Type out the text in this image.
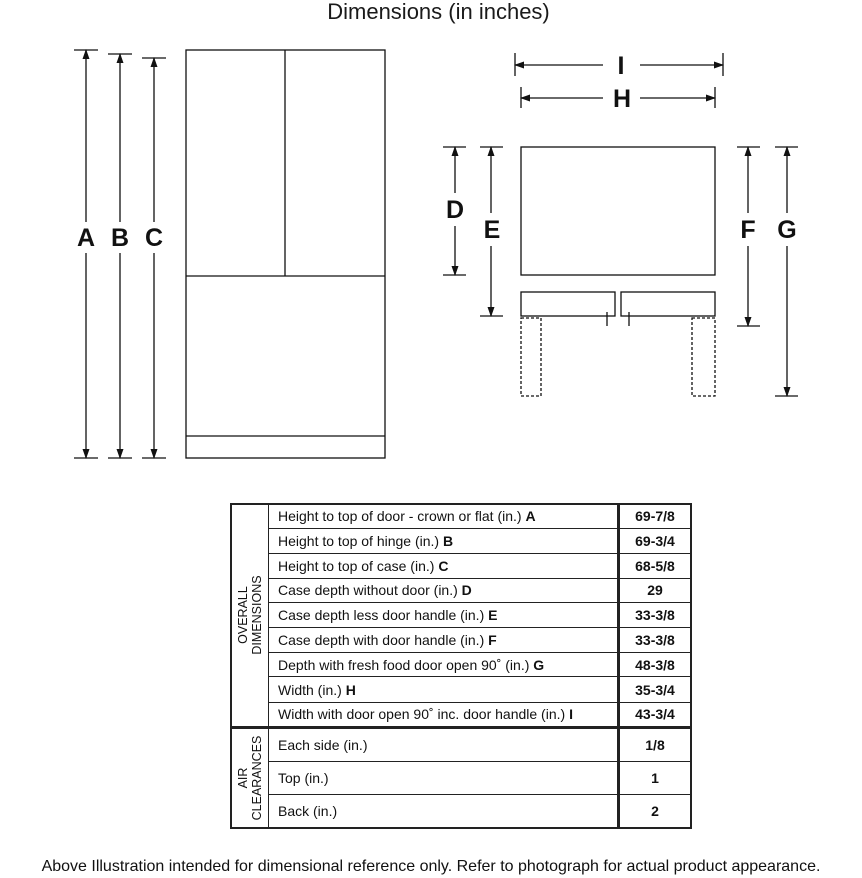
Dimensions (in inches)
A B C
D
E	F G
H
I
OVERALL DIMENSIONS	Height to top of door - crown or flat (in.) A	69-7/8
	Height to top of hinge (in.) B	69-3/4
	Height to top of case (in.) C	68-5/8
	Case depth without door (in.) D	29
	Case depth less door handle (in.) E	33-3/8
	Case depth with door handle (in.) F	33-3/8
	Depth with fresh food door open 90˚ (in.) G	48-3/8
	Width (in.) H	35-3/4
	Width with door open 90˚ inc. door handle (in.) I	43-3/4

AIR CLEARANCES	Each side (in.)	1/8
	Top (in.)	1
	Back (in.)	2
Above Illustration intended for dimensional reference only. Refer to photograph for actual product appearance.
